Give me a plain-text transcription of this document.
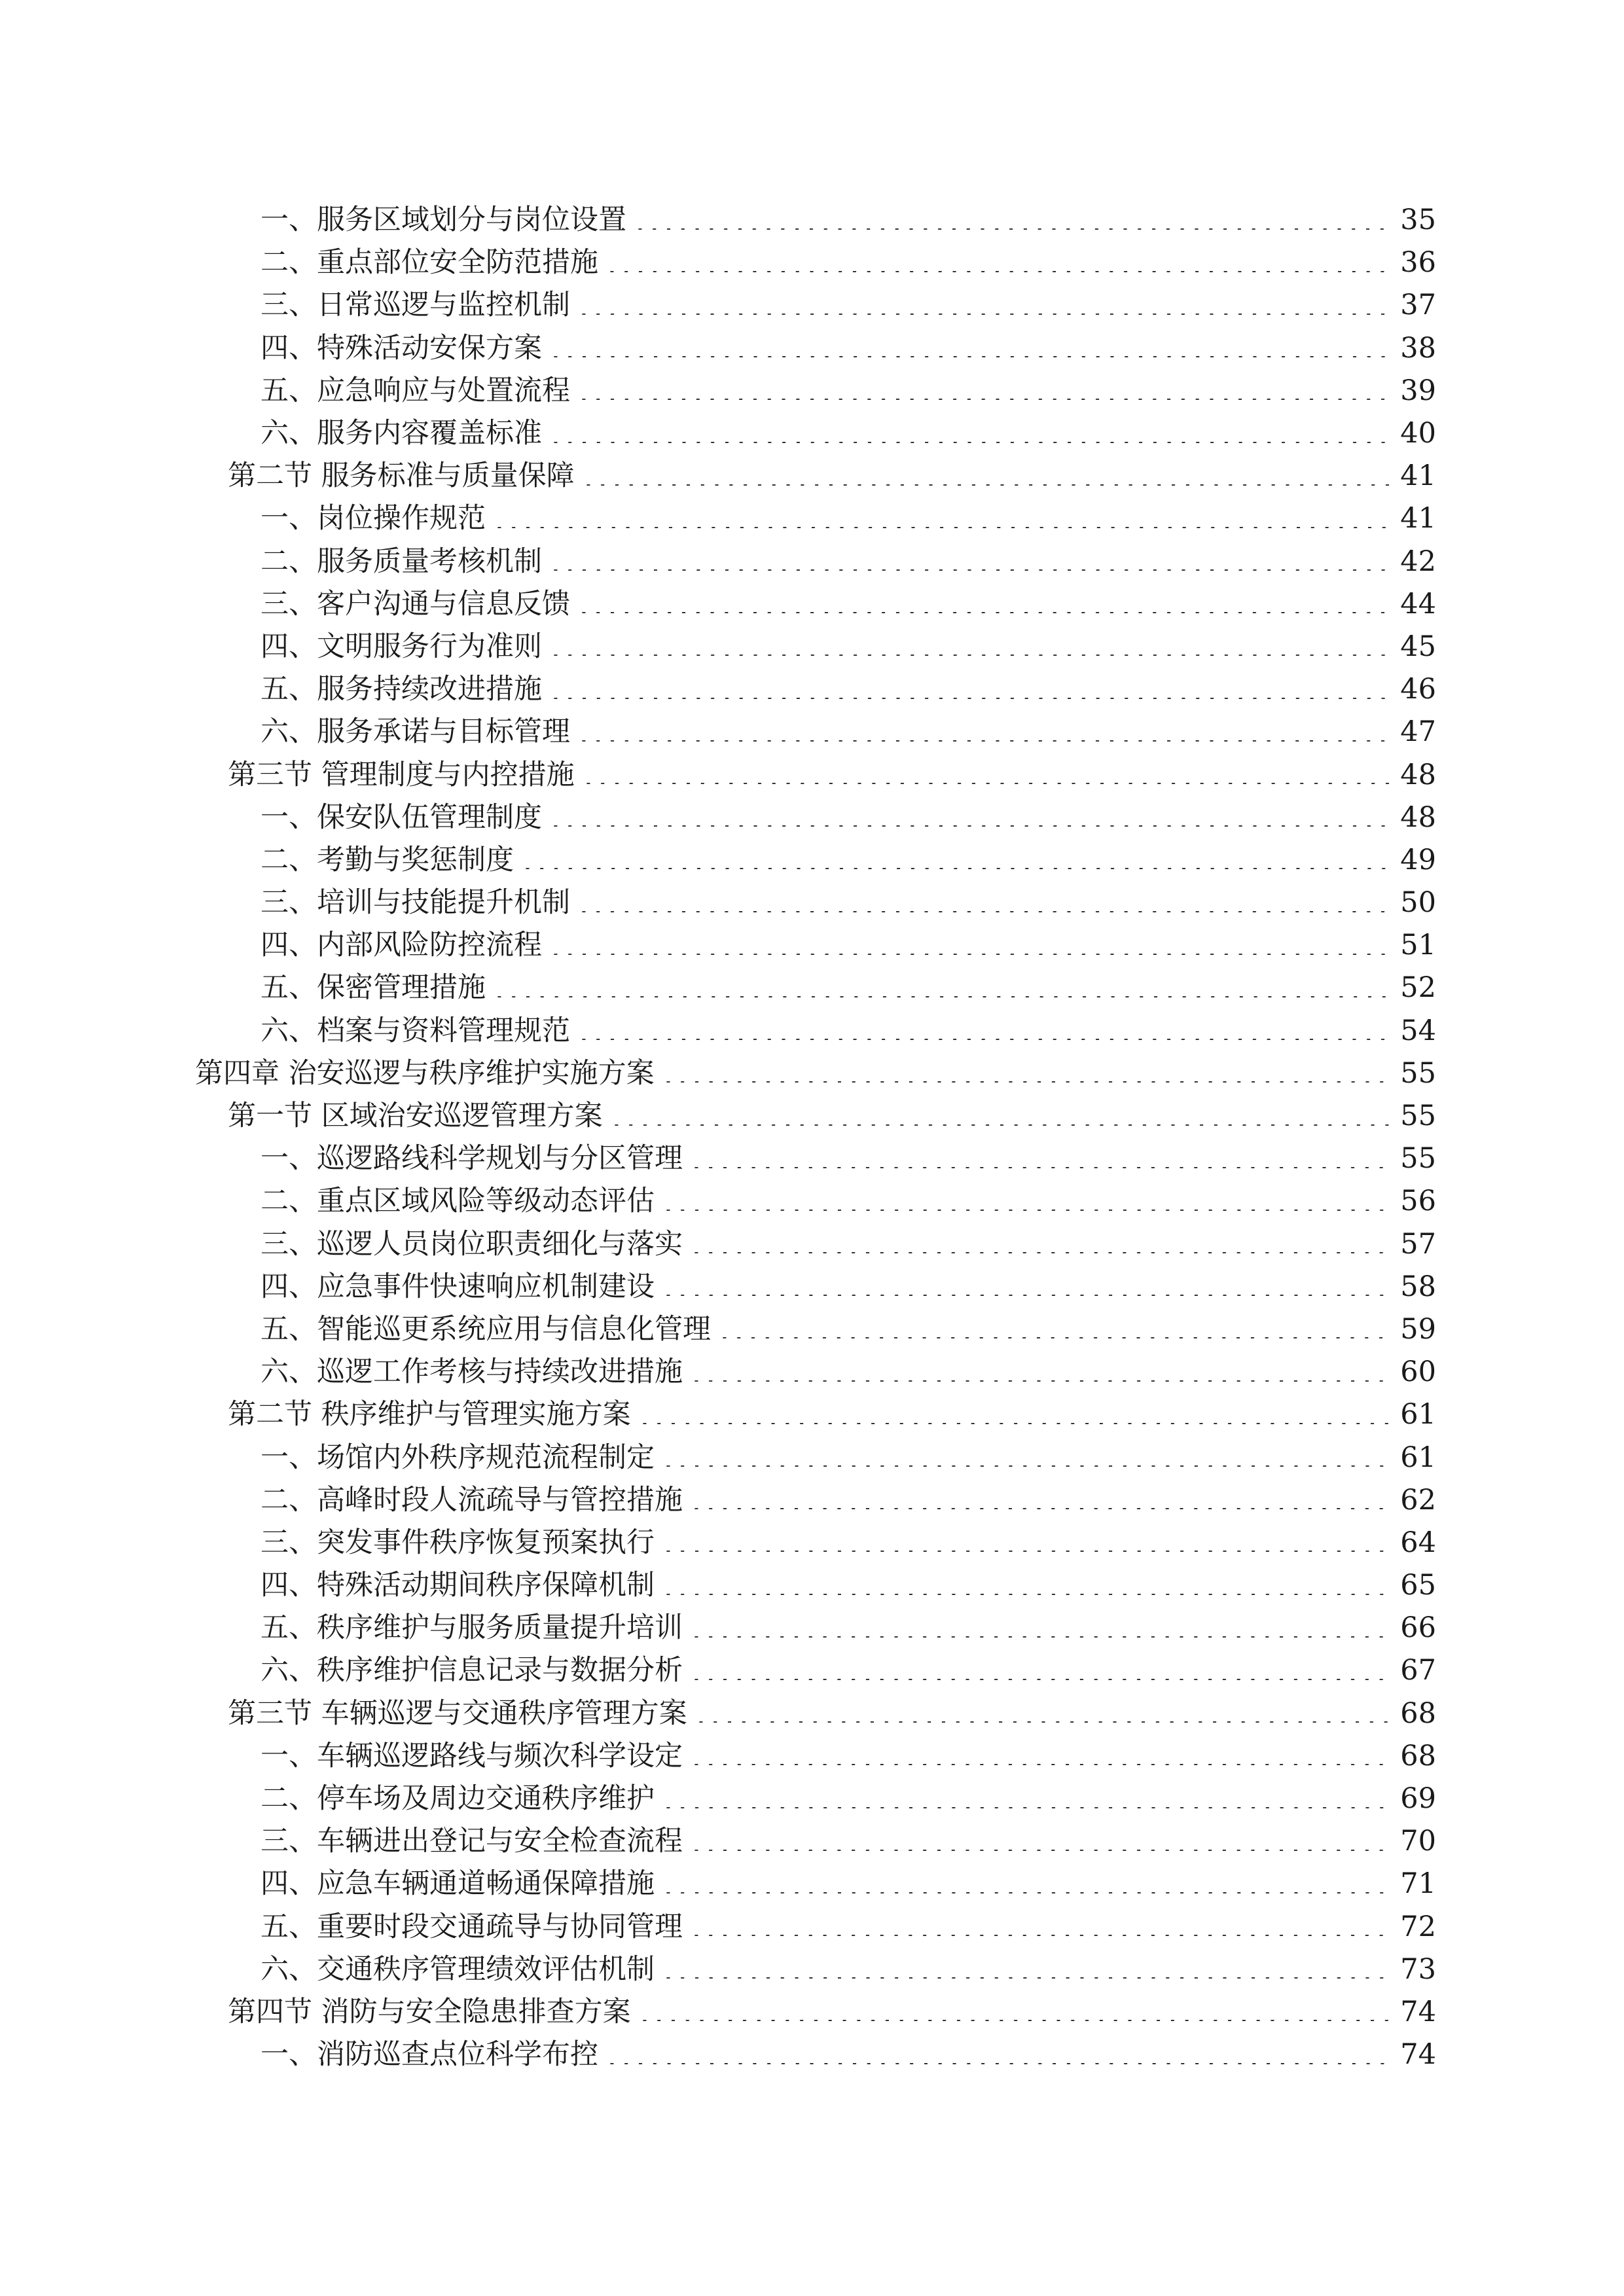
一、服务区域划分与岗位设置	35
二、重点部位安全防范措施	36
三、日常巡逻与监控机制	37
四、特殊活动安保方案	38
五、应急响应与处置流程	39
六、服务内容覆盖标准	40
第二节 服务标准与质量保障	41
一、岗位操作规范	41
二、服务质量考核机制	42
三、客户沟通与信息反馈	44
四、文明服务行为准则	45
五、服务持续改进措施	46
六、服务承诺与目标管理	47
第三节 管理制度与内控措施	48
一、保安队伍管理制度	48
二、考勤与奖惩制度	49
三、培训与技能提升机制	50
四、内部风险防控流程	51
五、保密管理措施	52
六、档案与资料管理规范	54
第四章 治安巡逻与秩序维护实施方案	55
第一节 区域治安巡逻管理方案	55
一、巡逻路线科学规划与分区管理	55
二、重点区域风险等级动态评估	56
三、巡逻人员岗位职责细化与落实	57
四、应急事件快速响应机制建设	58
五、智能巡更系统应用与信息化管理	59
六、巡逻工作考核与持续改进措施	60
第二节 秩序维护与管理实施方案	61
一、场馆内外秩序规范流程制定	61
二、高峰时段人流疏导与管控措施	62
三、突发事件秩序恢复预案执行	64
四、特殊活动期间秩序保障机制	65
五、秩序维护与服务质量提升培训	66
六、秩序维护信息记录与数据分析	67
第三节 车辆巡逻与交通秩序管理方案	68
一、车辆巡逻路线与频次科学设定	68
二、停车场及周边交通秩序维护	69
三、车辆进出登记与安全检查流程	70
四、应急车辆通道畅通保障措施	71
五、重要时段交通疏导与协同管理	72
六、交通秩序管理绩效评估机制	73
第四节 消防与安全隐患排查方案	74
一、消防巡查点位科学布控	74
